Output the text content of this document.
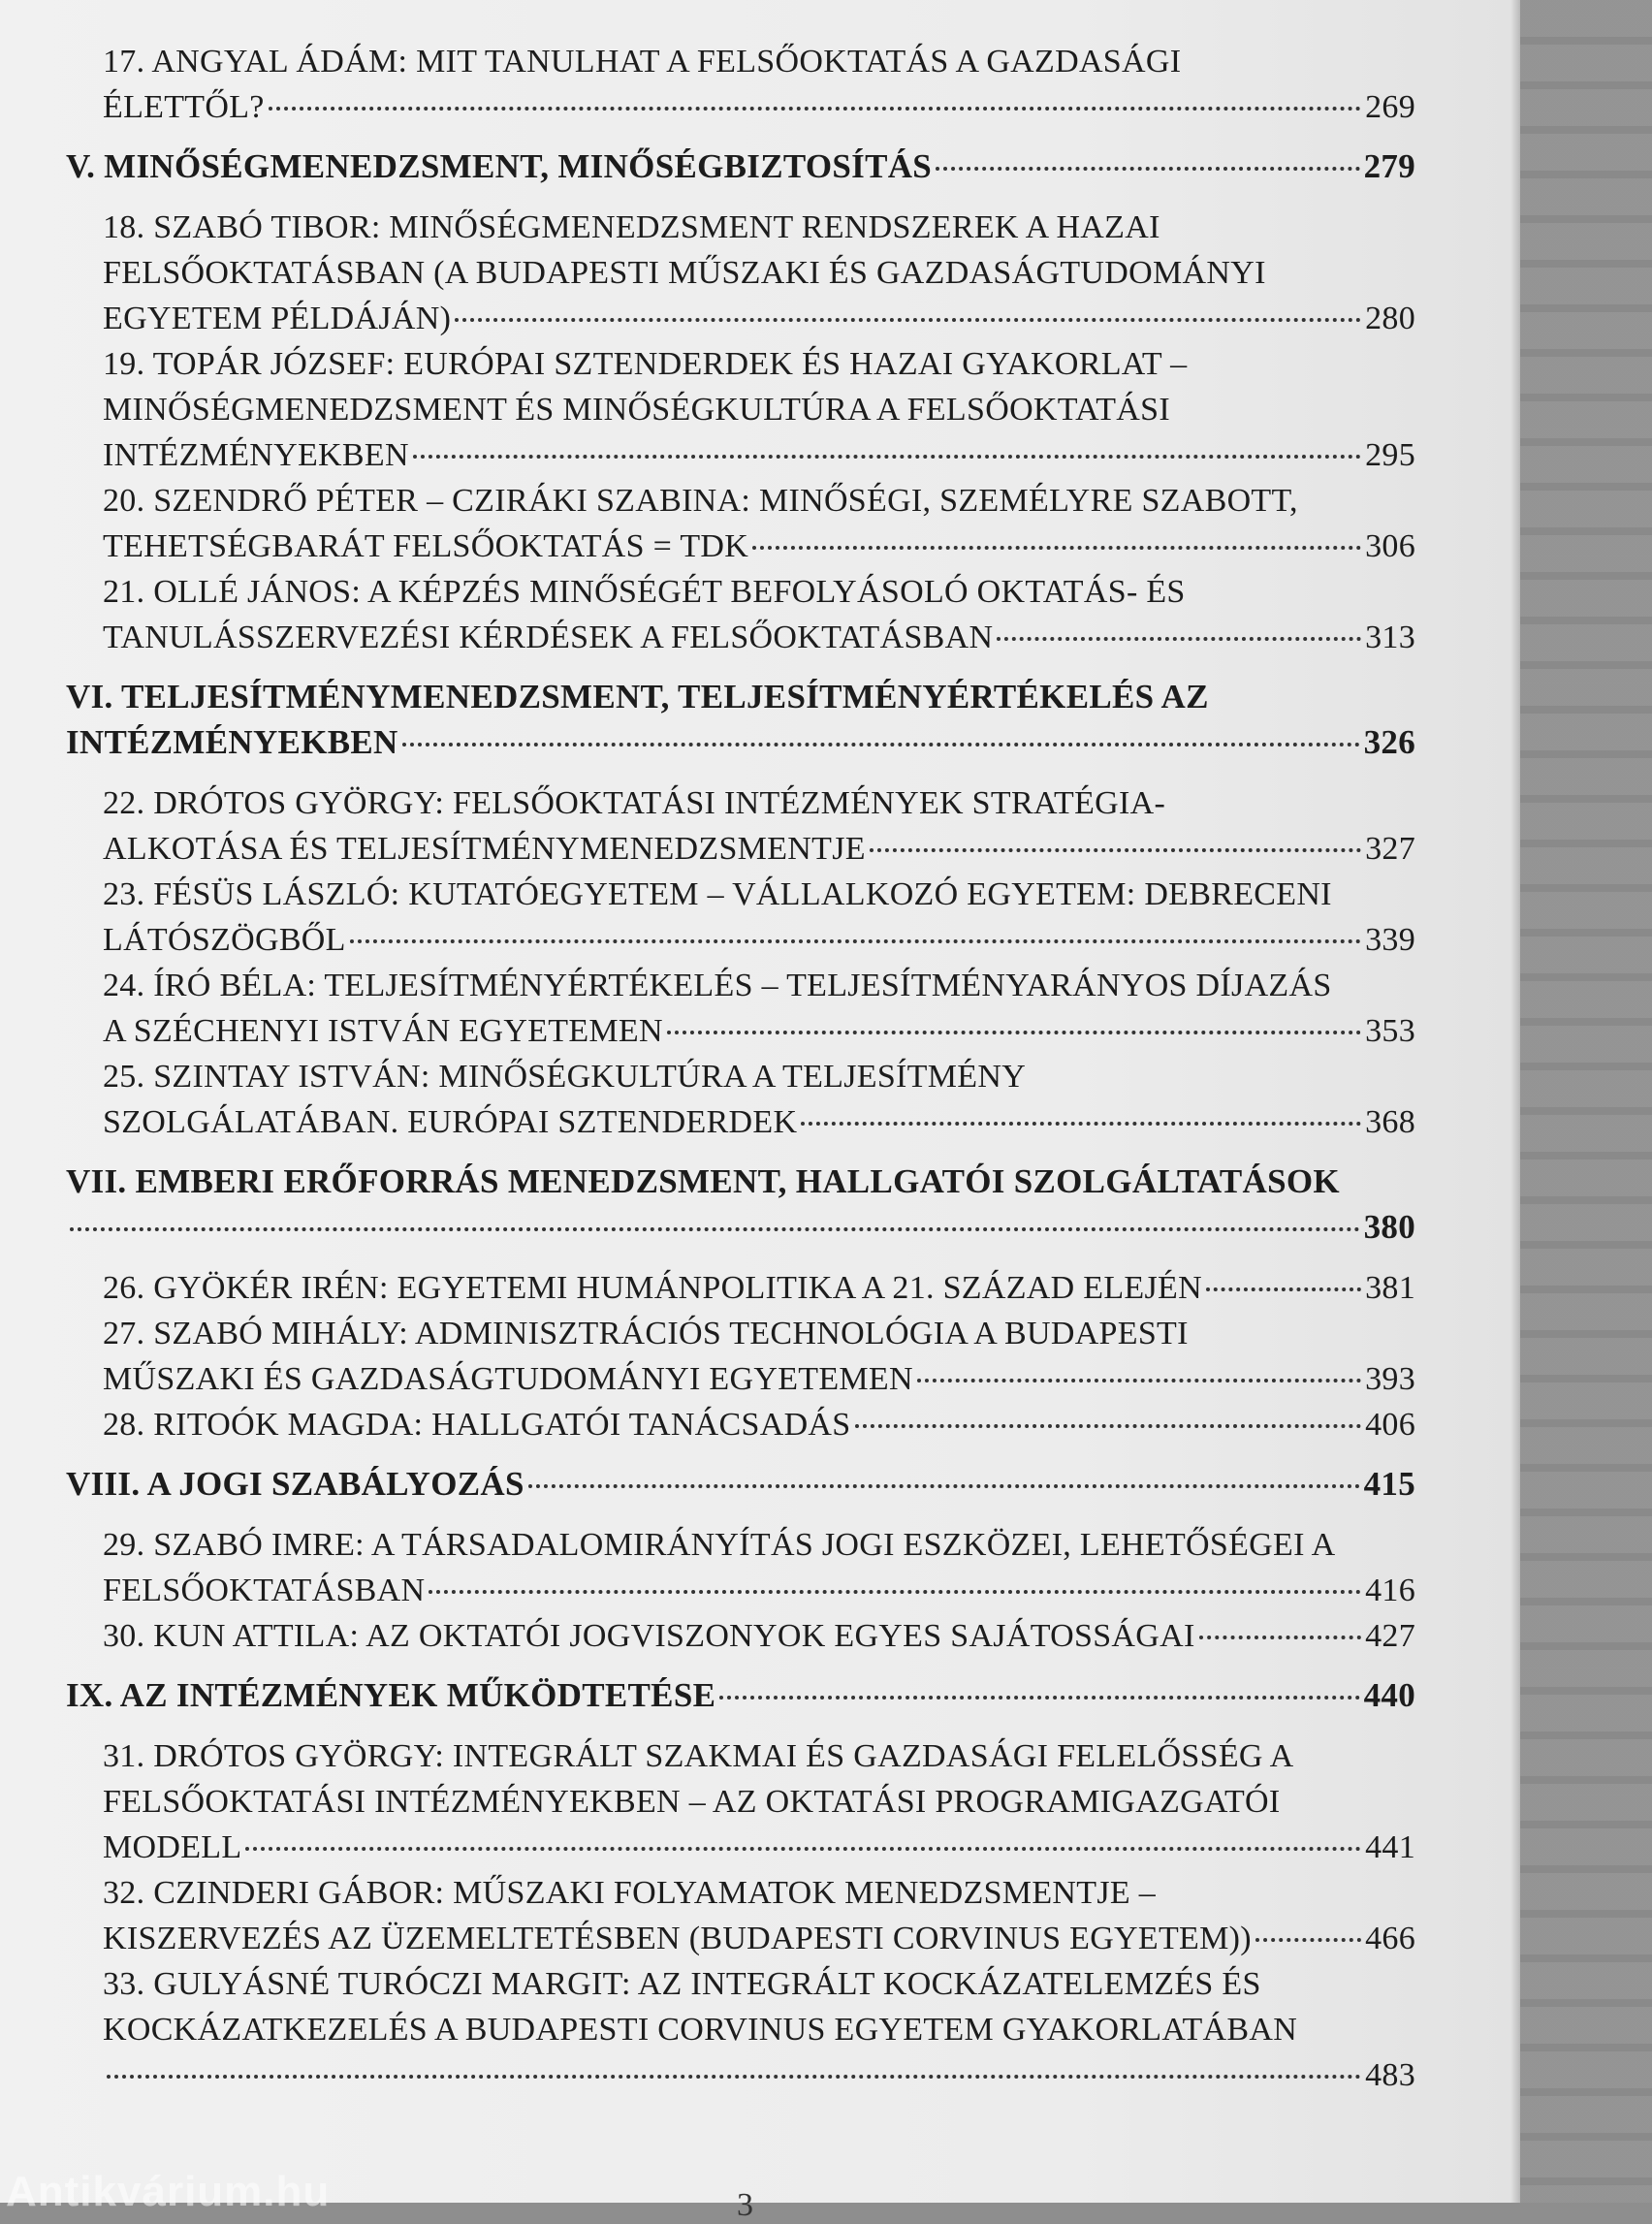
17. ANGYAL ÁDÁM: MIT TANULHAT A FELSŐOKTATÁS A GAZDASÁGI
ÉLETTŐL?	269
V. MINŐSÉGMENEDZSMENT, MINŐSÉGBIZTOSÍTÁS	279
18. SZABÓ TIBOR: MINŐSÉGMENEDZSMENT RENDSZEREK A HAZAI
FELSŐOKTATÁSBAN (A BUDAPESTI MŰSZAKI ÉS GAZDASÁGTUDOMÁNYI
EGYETEM PÉLDÁJÁN)	280
19. TOPÁR JÓZSEF: EURÓPAI SZTENDERDEK ÉS HAZAI GYAKORLAT –
MINŐSÉGMENEDZSMENT ÉS MINŐSÉGKULTÚRA A FELSŐOKTATÁSI
INTÉZMÉNYEKBEN	295
20. SZENDRŐ PÉTER – CZIRÁKI SZABINA: MINŐSÉGI, SZEMÉLYRE SZABOTT,
TEHETSÉGBARÁT FELSŐOKTATÁS = TDK	306
21. OLLÉ JÁNOS: A KÉPZÉS MINŐSÉGÉT BEFOLYÁSOLÓ OKTATÁS- ÉS
TANULÁSSZERVEZÉSI KÉRDÉSEK A FELSŐOKTATÁSBAN	313
VI. TELJESÍTMÉNYMENEDZSMENT, TELJESÍTMÉNYÉRTÉKELÉS AZ
INTÉZMÉNYEKBEN	326
22. DRÓTOS GYÖRGY: FELSŐOKTATÁSI INTÉZMÉNYEK STRATÉGIA-
ALKOTÁSA ÉS TELJESÍTMÉNYMENEDZSMENTJE	327
23. FÉSÜS LÁSZLÓ: KUTATÓEGYETEM – VÁLLALKOZÓ EGYETEM: DEBRECENI
LÁTÓSZÖGBŐL	339
24. ÍRÓ BÉLA: TELJESÍTMÉNYÉRTÉKELÉS – TELJESÍTMÉNYARÁNYOS DÍJAZÁS
A SZÉCHENYI ISTVÁN EGYETEMEN	353
25. SZINTAY ISTVÁN: MINŐSÉGKULTÚRA A TELJESÍTMÉNY
SZOLGÁLATÁBAN. EURÓPAI SZTENDERDEK	368
VII. EMBERI ERŐFORRÁS MENEDZSMENT, HALLGATÓI SZOLGÁLTATÁSOK
380
26. GYÖKÉR IRÉN: EGYETEMI HUMÁNPOLITIKA A 21. SZÁZAD ELEJÉN	381
27. SZABÓ MIHÁLY: ADMINISZTRÁCIÓS TECHNOLÓGIA A BUDAPESTI
MŰSZAKI ÉS GAZDASÁGTUDOMÁNYI EGYETEMEN	393
28. RITOÓK MAGDA: HALLGATÓI TANÁCSADÁS	406
VIII. A JOGI SZABÁLYOZÁS	415
29. SZABÓ IMRE: A TÁRSADALOMIRÁNYÍTÁS JOGI ESZKÖZEI, LEHETŐSÉGEI A
FELSŐOKTATÁSBAN	416
30. KUN ATTILA: AZ OKTATÓI JOGVISZONYOK EGYES SAJÁTOSSÁGAI	427
IX. AZ INTÉZMÉNYEK MŰKÖDTETÉSE	440
31. DRÓTOS GYÖRGY: INTEGRÁLT SZAKMAI ÉS GAZDASÁGI FELELŐSSÉG A
FELSŐOKTATÁSI INTÉZMÉNYEKBEN – AZ OKTATÁSI PROGRAMIGAZGATÓI
MODELL	441
32. CZINDERI GÁBOR: MŰSZAKI FOLYAMATOK MENEDZSMENTJE –
KISZERVEZÉS AZ ÜZEMELTETÉSBEN (BUDAPESTI CORVINUS EGYETEM))	466
33. GULYÁSNÉ TURÓCZI MARGIT: AZ INTEGRÁLT KOCKÁZATELEMZÉS ÉS
KOCKÁZATKEZELÉS A BUDAPESTI CORVINUS EGYETEM GYAKORLATÁBAN
483
Antikvárium.hu	3
